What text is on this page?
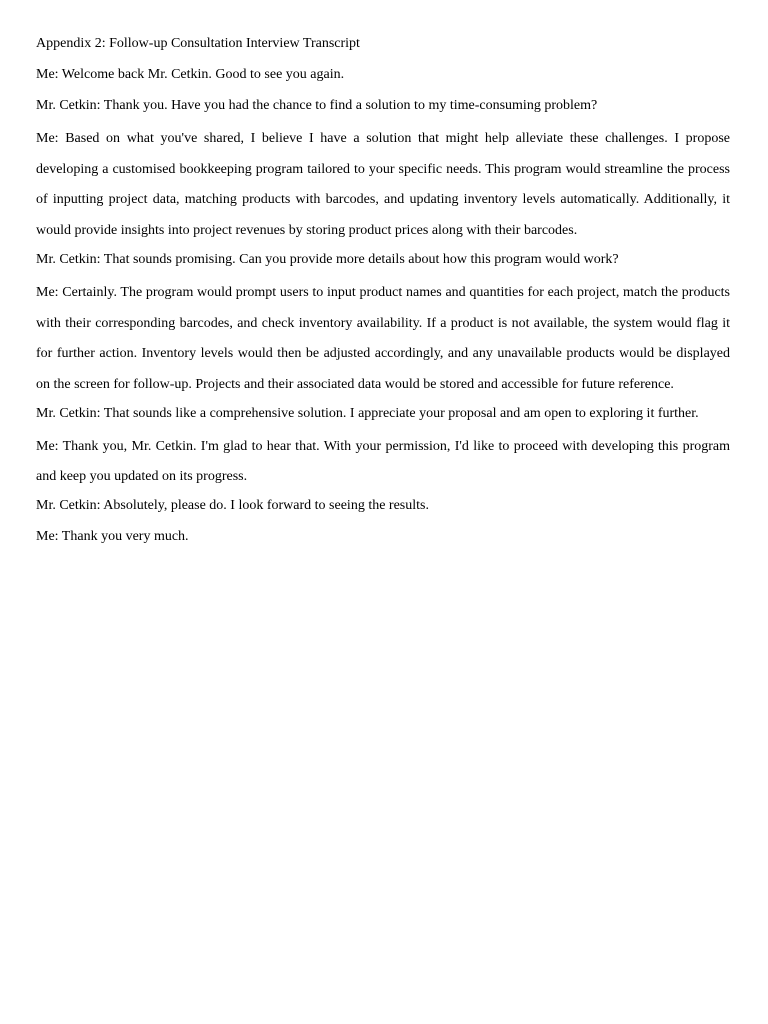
Appendix 2: Follow-up Consultation Interview Transcript

Me: Welcome back Mr. Cetkin. Good to see you again.

Mr. Cetkin: Thank you. Have you had the chance to find a solution to my time-consuming problem?

Me: Based on what you've shared, I believe I have a solution that might help alleviate these challenges. I propose developing a customised bookkeeping program tailored to your specific needs. This program would streamline the process of inputting project data, matching products with barcodes, and updating inventory levels automatically. Additionally, it would provide insights into project revenues by storing product prices along with their barcodes.

Mr. Cetkin: That sounds promising. Can you provide more details about how this program would work?

Me: Certainly. The program would prompt users to input product names and quantities for each project, match the products with their corresponding barcodes, and check inventory availability. If a product is not available, the system would flag it for further action. Inventory levels would then be adjusted accordingly, and any unavailable products would be displayed on the screen for follow-up. Projects and their associated data would be stored and accessible for future reference.

Mr. Cetkin: That sounds like a comprehensive solution. I appreciate your proposal and am open to exploring it further.

Me: Thank you, Mr. Cetkin. I'm glad to hear that. With your permission, I'd like to proceed with developing this program and keep you updated on its progress.

Mr. Cetkin: Absolutely, please do. I look forward to seeing the results.

Me: Thank you very much.
